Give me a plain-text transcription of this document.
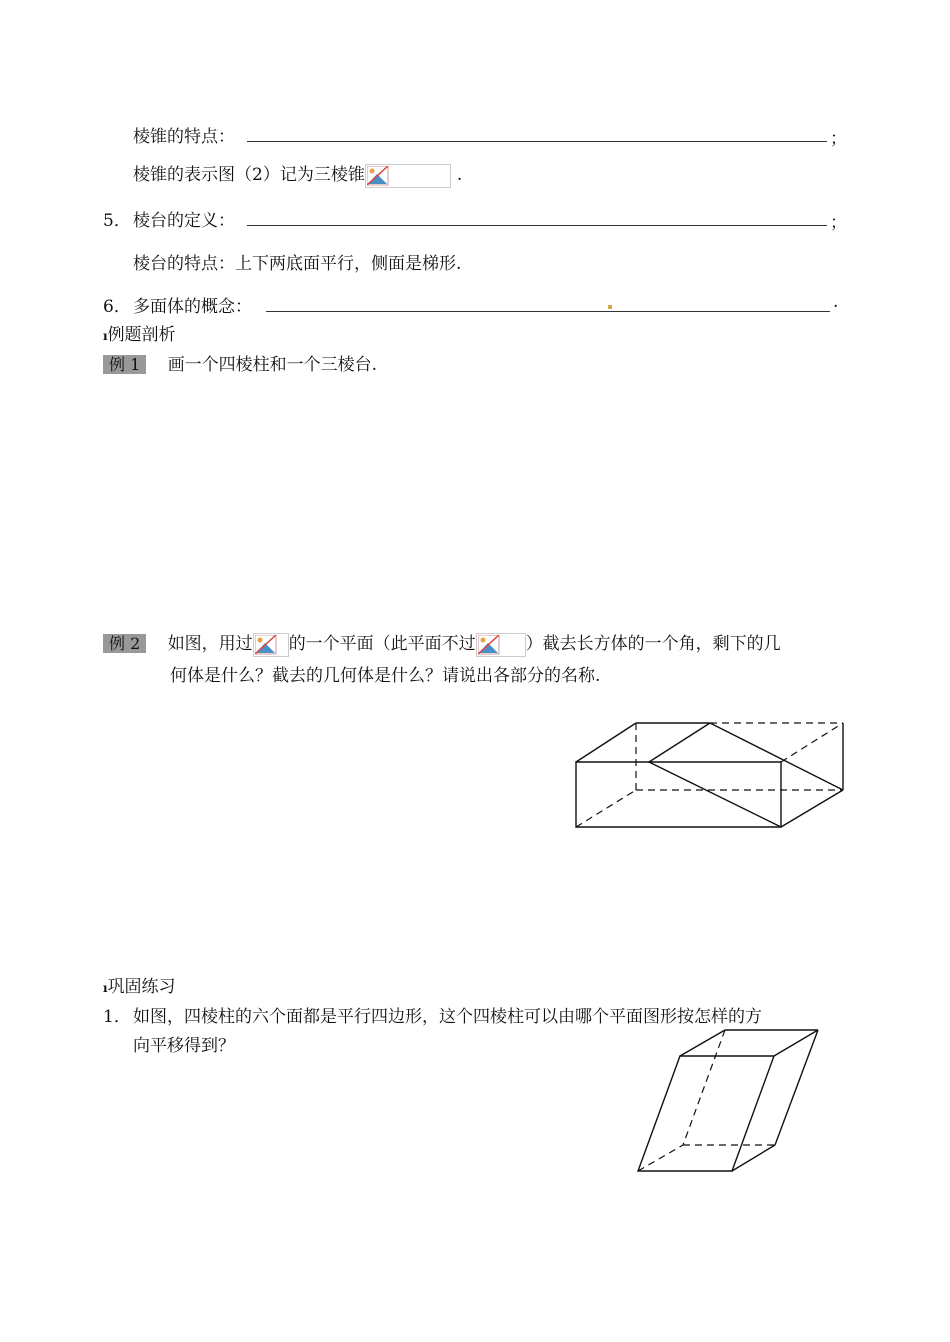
棱锥的特点：	；
棱锥的表示图（2）记为三棱锥	.
5． 棱台的定义：	；
棱台的特点：上下两底面平行，侧面是梯形.
6． 多面体的概念：	.
ı例题剖析
例 1 画一个四棱柱和一个三棱台.
例 2 如图，用过 的一个平面（此平面不过	）截去长方体的一个角，剩下的几
何体是什么？截去的几何体是什么？请说出各部分的名称.
ı巩固练习
1． 如图，四棱柱的六个面都是平行四边形，这个四棱柱可以由哪个平面图形按怎样的方
向平移得到？
